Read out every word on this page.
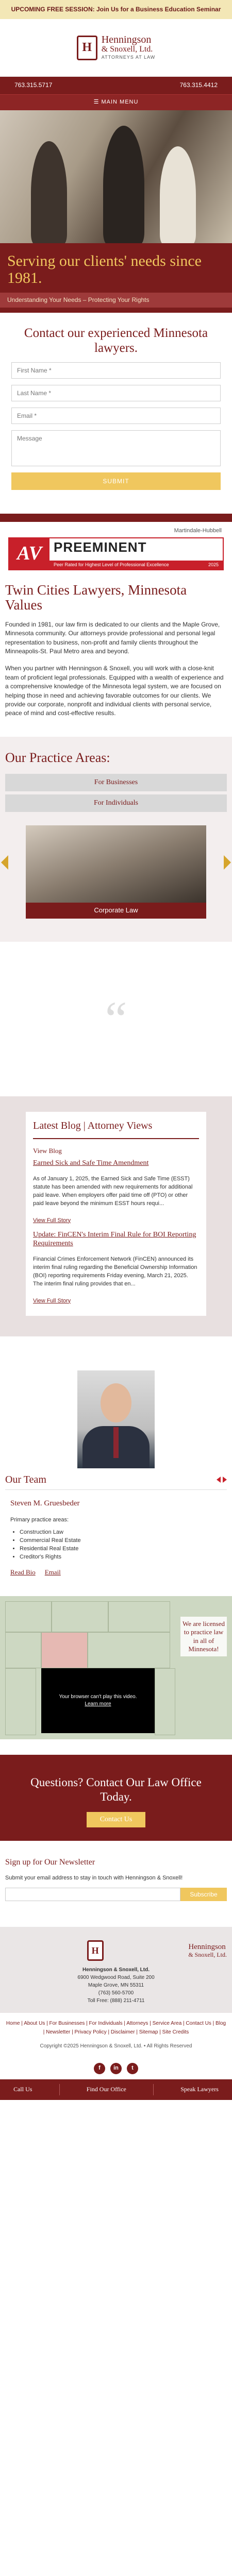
UPCOMING FREE SESSION: Join Us for a Business Education Seminar
H
Henningson
& Snoxell, Ltd.
ATTORNEYS AT LAW
763.315.5717	763.315.4412
☰ MAIN MENU
Serving our clients' needs since 1981.
Understanding Your Needs – Protecting Your Rights
Contact our experienced Minnesota lawyers.
First Name *
Last Name *
Email *
Message
SUBMIT
Martindale-Hubbell
AV PREEMINENT
Peer Rated for Highest Level of Professional Excellence	2025
Twin Cities Lawyers, Minnesota Values

Founded in 1981, our law firm is dedicated to our clients and the Maple Grove, Minnesota community. Our attorneys provide professional and personal legal representation to business, non-profit and family clients throughout the Minneapolis-St. Paul Metro area and beyond.

When you partner with Henningson & Snoxell, you will work with a close-knit team of proficient legal professionals. Equipped with a wealth of experience and a comprehensive knowledge of the Minnesota legal system, we are focused on helping those in need and achieving favorable outcomes for our clients. We provide our corporate, nonprofit and individual clients with personal service, peace of mind and cost-effective results.

Our Practice Areas:
For Businesses
For Individuals
Corporate Law
“
Latest Blog | Attorney Views
View Blog
Earned Sick and Safe Time Amendment

As of January 1, 2025, the Earned Sick and Safe Time (ESST) statute has been amended with new requirements for additional paid leave. When employers offer paid time off (PTO) or other paid leave beyond the minimum ESST hours requi...

View Full Story
Update: FinCEN's Interim Final Rule for BOI Reporting Requirements

Financial Crimes Enforcement Network (FinCEN) announced its interim final ruling regarding the Beneficial Ownership Information (BOI) reporting requirements Friday evening, March 21, 2025. The interim final ruling provides that en...

View Full Story
Our Team
Steven M. Gruesbeder

Primary practice areas:

• Construction Law
• Commercial Real Estate
• Residential Real Estate
• Creditor's Rights
Read Bio Email
We are licensed to practice law in all of Minnesota!
Your browser can't play this video.
Learn more
Questions? Contact Our Law Office Today.
Contact Us
Sign up for Our Newsletter

Submit your email address to stay in touch with Henningson & Snoxell!

Subscribe
H	Henningson
& Snoxell, Ltd.
Henningson & Snoxell, Ltd.
6900 Wedgwood Road, Suite 200
Maple Grove, MN 55311
(763) 560-5700
Toll Free: (888) 211-4711
Home | About Us | For Businesses | For Individuals | Attorneys | Service Area | Contact Us | Blog | Newsletter | Privacy Policy | Disclaimer | Sitemap | Site Credits
Copyright ©2025 Henningson & Snoxell, Ltd. • All Rights Reserved
f	in	t
Call Us	Find Our Office	Speak Lawyers
